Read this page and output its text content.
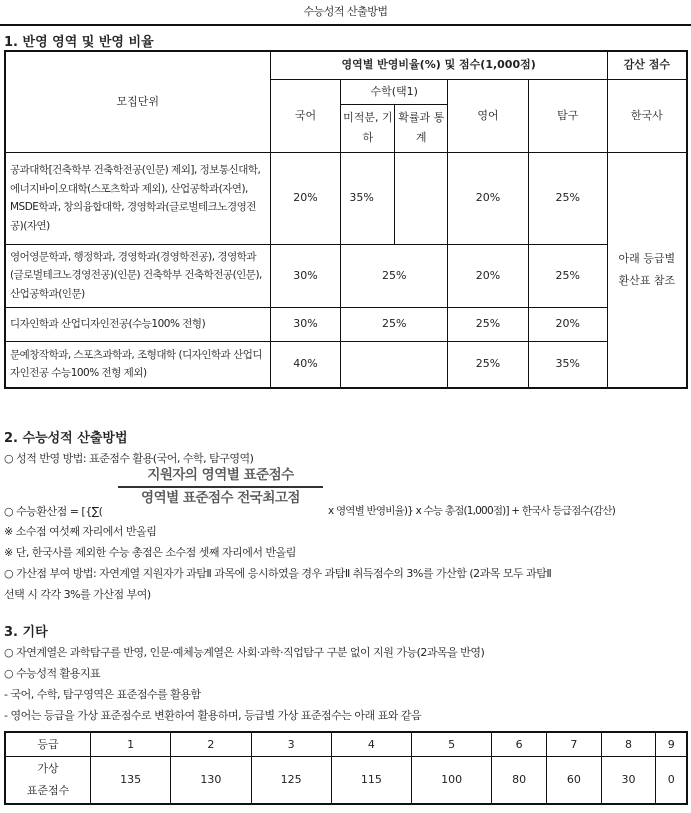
수능성적 산출방법
1. 반영 영역 및 반영 비율
모집단위	영역별 반영비율(%) 및 점수(1,000점)					감산 점수
	국어	수학(택1)		영어	탐구	한국사
		미적분, 기하	확률과 통계			
공과대학[건축학부 건축학전공(인문) 제외], 정보통신대학, 에너지바이오대학(스포츠학과 제외), 산업공학과(자연), MSDE학과, 창의융합대학, 경영학과(글로벌테크노경영전공)(자연)	20%	35%		20%	25%	아래 등급별 환산표 참조
영어영문학과, 행정학과, 경영학과(경영학전공), 경영학과(글로벌테크노경영전공)(인문) 건축학부 건축학전공(인문), 산업공학과(인문)	30%	25%		20%	25%	
디자인학과 산업디자인전공(수능100% 전형)	30%	25%		25%	20%	
문예창작학과, 스포츠과학과, 조형대학 (디자인학과 산업디자인전공 수능100% 전형 제외)	40%			25%	35%	
2. 수능성적 산출방법
○ 성적 반영 방법: 표준점수 활용(국어, 수학, 탐구영역)
지원자의 영역별 표준점수
영역별 표준점수 전국최고점
○ 수능환산점 = [{∑(	x 영역별 반영비율)} x 수능 총점(1,000점)] + 한국사 등급점수(감산)
※ 소수점 여섯째 자리에서 반올림
※ 단, 한국사를 제외한 수능 총점은 소수점 셋째 자리에서 반올림
○ 가산점 부여 방법: 자연계열 지원자가 과탐Ⅱ 과목에 응시하였을 경우 과탐Ⅱ 취득점수의 3%를 가산함 (2과목 모두 과탐Ⅱ
선택 시 각각 3%를 가산점 부여)
3. 기타
○ 자연계열은 과학탐구를 반영, 인문·예체능계열은 사회·과학·직업탐구 구분 없이 지원 가능(2과목을 반영)
○ 수능성적 활용지표
- 국어, 수학, 탐구영역은 표준점수를 활용함
- 영어는 등급을 가상 표준점수로 변환하여 활용하며, 등급별 가상 표준점수는 아래 표와 같음
등급	1	2	3	4	5	6	7	8	9
가상
표준점수	135	130	125	115	100	80	60	30	0
